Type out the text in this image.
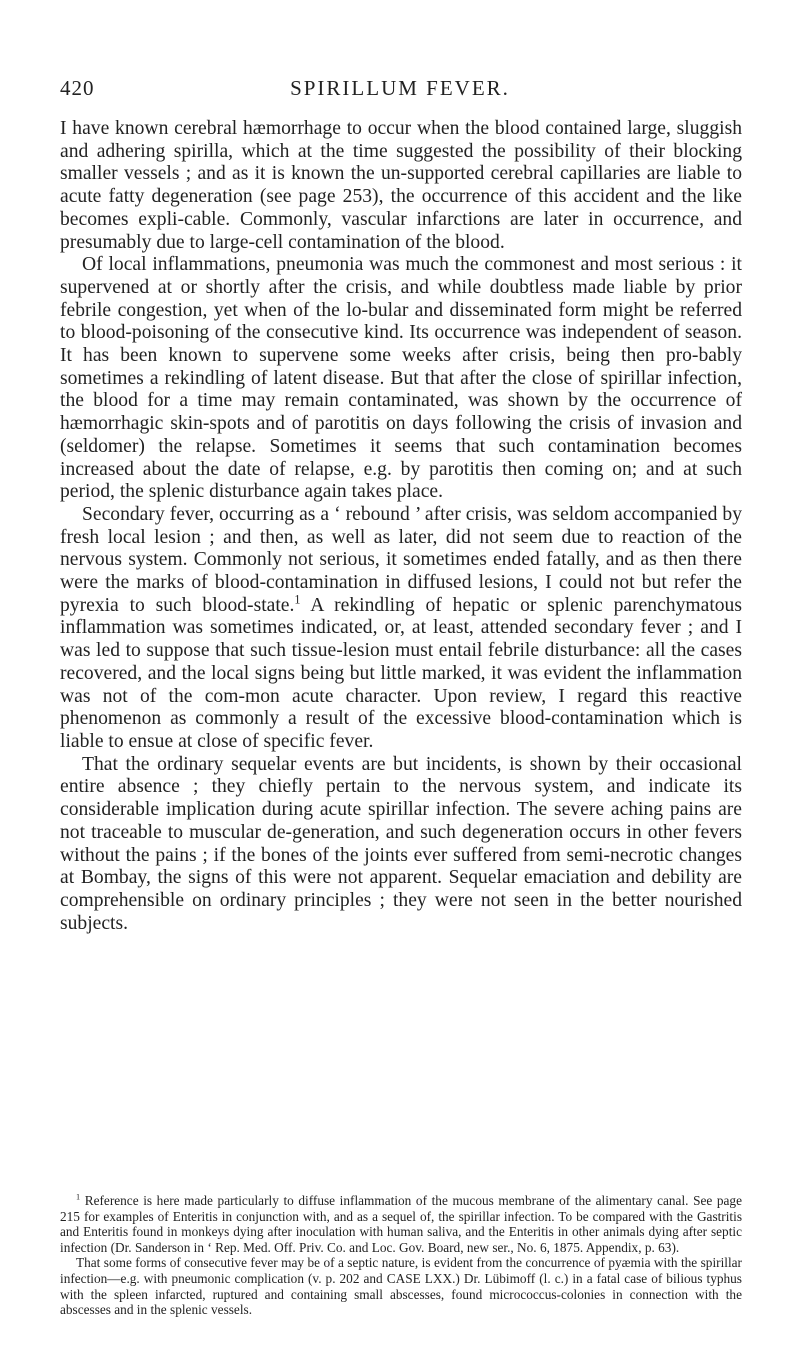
420	SPIRILLUM FEVER.

I have known cerebral hæmorrhage to occur when the blood contained large, sluggish and adhering spirilla, which at the time suggested the possibility of their blocking smaller vessels ; and as it is known the un-supported cerebral capillaries are liable to acute fatty degeneration (see page 253), the occurrence of this accident and the like becomes expli-cable. Commonly, vascular infarctions are later in occurrence, and presumably due to large-cell contamination of the blood.

Of local inflammations, pneumonia was much the commonest and most serious : it supervened at or shortly after the crisis, and while doubtless made liable by prior febrile congestion, yet when of the lo-bular and disseminated form might be referred to blood-poisoning of the consecutive kind. Its occurrence was independent of season. It has been known to supervene some weeks after crisis, being then pro-bably sometimes a rekindling of latent disease. But that after the close of spirillar infection, the blood for a time may remain contaminated, was shown by the occurrence of hæmorrhagic skin-spots and of parotitis on days following the crisis of invasion and (seldomer) the relapse. Sometimes it seems that such contamination becomes increased about the date of relapse, e.g. by parotitis then coming on; and at such period, the splenic disturbance again takes place.

Secondary fever, occurring as a ‘ rebound ’ after crisis, was seldom accompanied by fresh local lesion ; and then, as well as later, did not seem due to reaction of the nervous system. Commonly not serious, it sometimes ended fatally, and as then there were the marks of blood-contamination in diffused lesions, I could not but refer the pyrexia to such blood-state.$^1$ A rekindling of hepatic or splenic parenchymatous inflammation was sometimes indicated, or, at least, attended secondary fever ; and I was led to suppose that such tissue-lesion must entail febrile disturbance: all the cases recovered, and the local signs being but little marked, it was evident the inflammation was not of the com-mon acute character. Upon review, I regard this reactive phenomenon as commonly a result of the excessive blood-contamination which is liable to ensue at close of specific fever.

That the ordinary sequelar events are but incidents, is shown by their occasional entire absence ; they chiefly pertain to the nervous system, and indicate its considerable implication during acute spirillar infection. The severe aching pains are not traceable to muscular de-generation, and such degeneration occurs in other fevers without the pains ; if the bones of the joints ever suffered from semi-necrotic changes at Bombay, the signs of this were not apparent. Sequelar emaciation and debility are comprehensible on ordinary principles ; they were not seen in the better nourished subjects.

$^1$ Reference is here made particularly to diffuse inflammation of the mucous membrane of the alimentary canal. See page 215 for examples of Enteritis in conjunction with, and as a sequel of, the spirillar infection. To be compared with the Gastritis and Enteritis found in monkeys dying after inoculation with human saliva, and the Enteritis in other animals dying after septic infection (Dr. Sanderson in ‘ Rep. Med. Off. Priv. Co. and Loc. Gov. Board, new ser., No. 6, 1875. Appendix, p. 63).

That some forms of consecutive fever may be of a septic nature, is evident from the concurrence of pyæmia with the spirillar infection—e.g. with pneumonic complication (v. p. 202 and CASE LXX.) Dr. Lübimoff (l. c.) in a fatal case of bilious typhus with the spleen infarcted, ruptured and containing small abscesses, found micrococcus-colonies in connection with the abscesses and in the splenic vessels.
